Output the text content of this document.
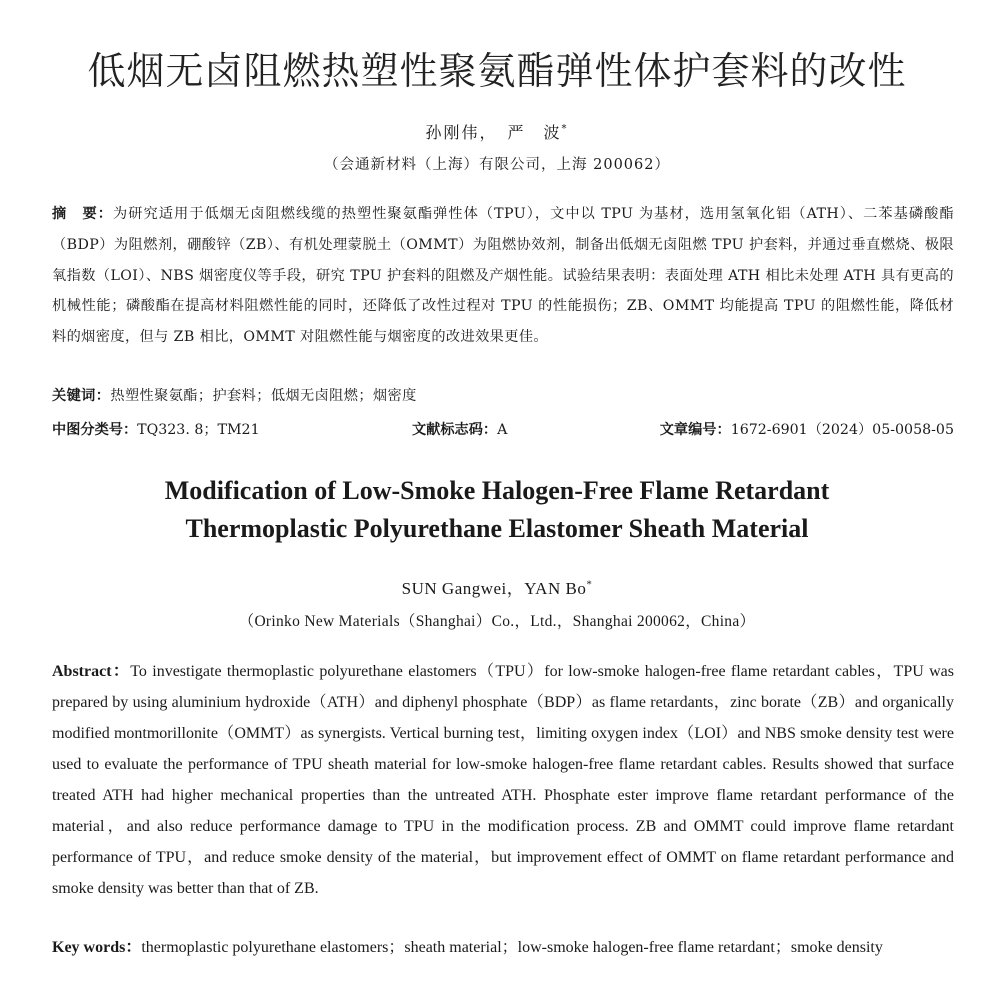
低烟无卤阻燃热塑性聚氨酯弹性体护套料的改性
孙刚伟，　严　波*
（会通新材料（上海）有限公司，上海 200062）
摘　要：为研究适用于低烟无卤阻燃线缆的热塑性聚氨酯弹性体（TPU），文中以 TPU 为基材，选用氢氧化铝（ATH）、二苯基磷酸酯（BDP）为阻燃剂，硼酸锌（ZB）、有机处理蒙脱土（OMMT）为阻燃协效剂，制备出低烟无卤阻燃 TPU 护套料，并通过垂直燃烧、极限氧指数（LOI）、NBS 烟密度仪等手段，研究 TPU 护套料的阻燃及产烟性能。试验结果表明：表面处理 ATH 相比未处理 ATH 具有更高的机械性能；磷酸酯在提高材料阻燃性能的同时，还降低了改性过程对 TPU 的性能损伤；ZB、OMMT 均能提高 TPU 的阻燃性能，降低材料的烟密度，但与 ZB 相比，OMMT 对阻燃性能与烟密度的改进效果更佳。
关键词：热塑性聚氨酯；护套料；低烟无卤阻燃；烟密度
中图分类号：TQ323. 8；TM21	文献标志码：A	文章编号：1672-6901（2024）05-0058-05
Modification of Low-Smoke Halogen-Free Flame Retardant
Thermoplastic Polyurethane Elastomer Sheath Material
SUN Gangwei，YAN Bo*
（Orinko New Materials（Shanghai）Co.，Ltd.，Shanghai 200062，China）
Abstract：To investigate thermoplastic polyurethane elastomers（TPU）for low-smoke halogen-free flame retardant cables，TPU was prepared by using aluminium hydroxide（ATH）and diphenyl phosphate（BDP）as flame retardants，zinc borate（ZB）and organically modified montmorillonite（OMMT）as synergists. Vertical burning test，limiting oxygen index（LOI）and NBS smoke density test were used to evaluate the performance of TPU sheath material for low-smoke halogen-free flame retardant cables. Results showed that surface treated ATH had higher mechanical properties than the untreated ATH. Phosphate ester improve flame retardant performance of the material，and also reduce performance damage to TPU in the modification process. ZB and OMMT could improve flame retardant performance of TPU，and reduce smoke density of the material，but improvement effect of OMMT on flame retardant performance and smoke density was better than that of ZB.
Key words：thermoplastic polyurethane elastomers；sheath material；low-smoke halogen-free flame retardant；smoke density
